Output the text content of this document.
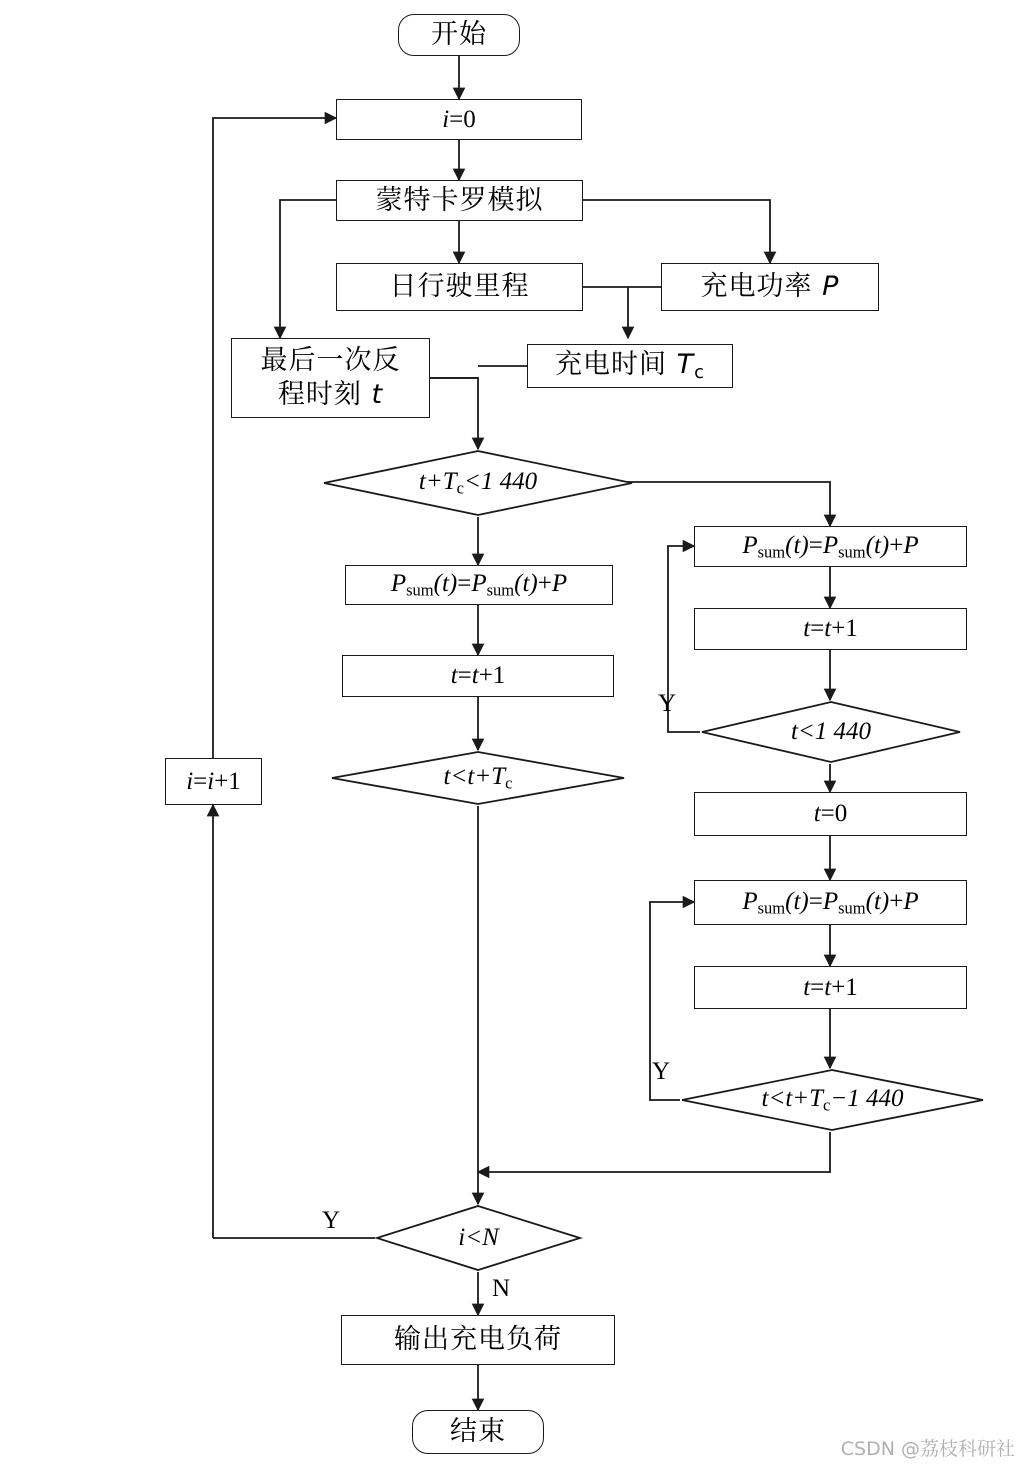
开始
i=0
蒙特卡罗模拟
日行驶里程	充电功率 P
最后一次反
程时刻 t
充电时间 $T_c$
$t+T_c<1$ 440
$P_{sum}(t)=P_{sum}(t)+P$
t=t+1
$t<t+T_c$
$P_{sum}(t)=P_{sum}(t)+P$
t=t+1
t<1 440
t=0
$P_{sum}(t)=P_{sum}(t)+P$
t=t+1
$t<t+T_c-1$ 440
i=i+1
i<N
输出充电负荷
结束
Y
Y
Y
N
CSDN @荔枝科研社
